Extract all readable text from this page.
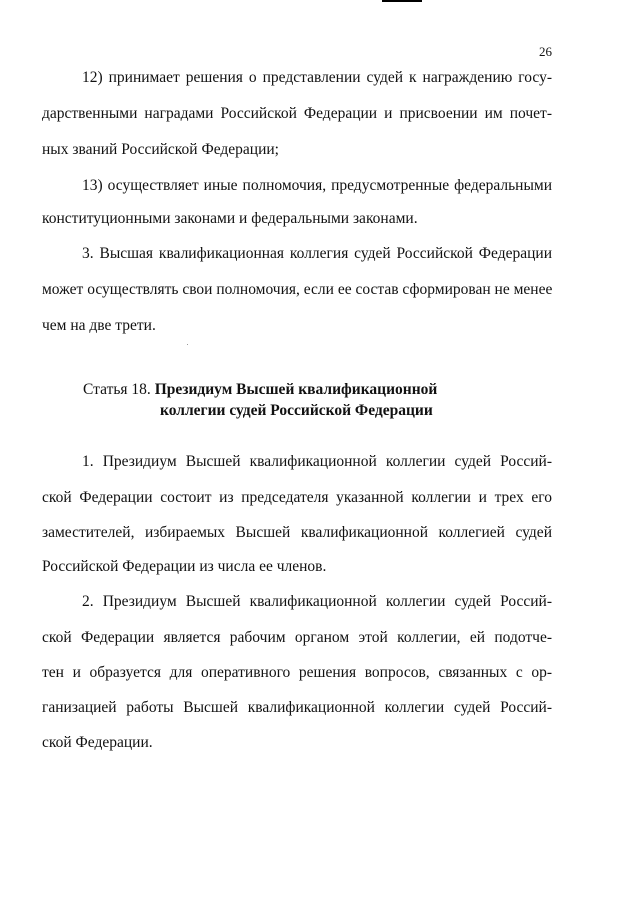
26
12) принимает решения о представлении судей к награждению госу-
дарственными наградами Российской Федерации и присвоении им почет-
ных званий Российской Федерации;
13) осуществляет иные полномочия, предусмотренные федеральными
конституционными законами и федеральными законами.
3. Высшая квалификационная коллегия судей Российской Федерации
может осуществлять свои полномочия, если ее состав сформирован не менее
чем на две трети.
Статья 18. Президиум Высшей квалификационной
коллегии судей Российской Федерации
1. Президиум Высшей квалификационной коллегии судей Россий-
ской Федерации состоит из председателя указанной коллегии и трех его
заместителей, избираемых Высшей квалификационной коллегией судей
Российской Федерации из числа ее членов.
2. Президиум Высшей квалификационной коллегии судей Россий-
ской Федерации является рабочим органом этой коллегии, ей подотче-
тен и образуется для оперативного решения вопросов, связанных с ор-
ганизацией работы Высшей квалификационной коллегии судей Россий-
ской Федерации.
